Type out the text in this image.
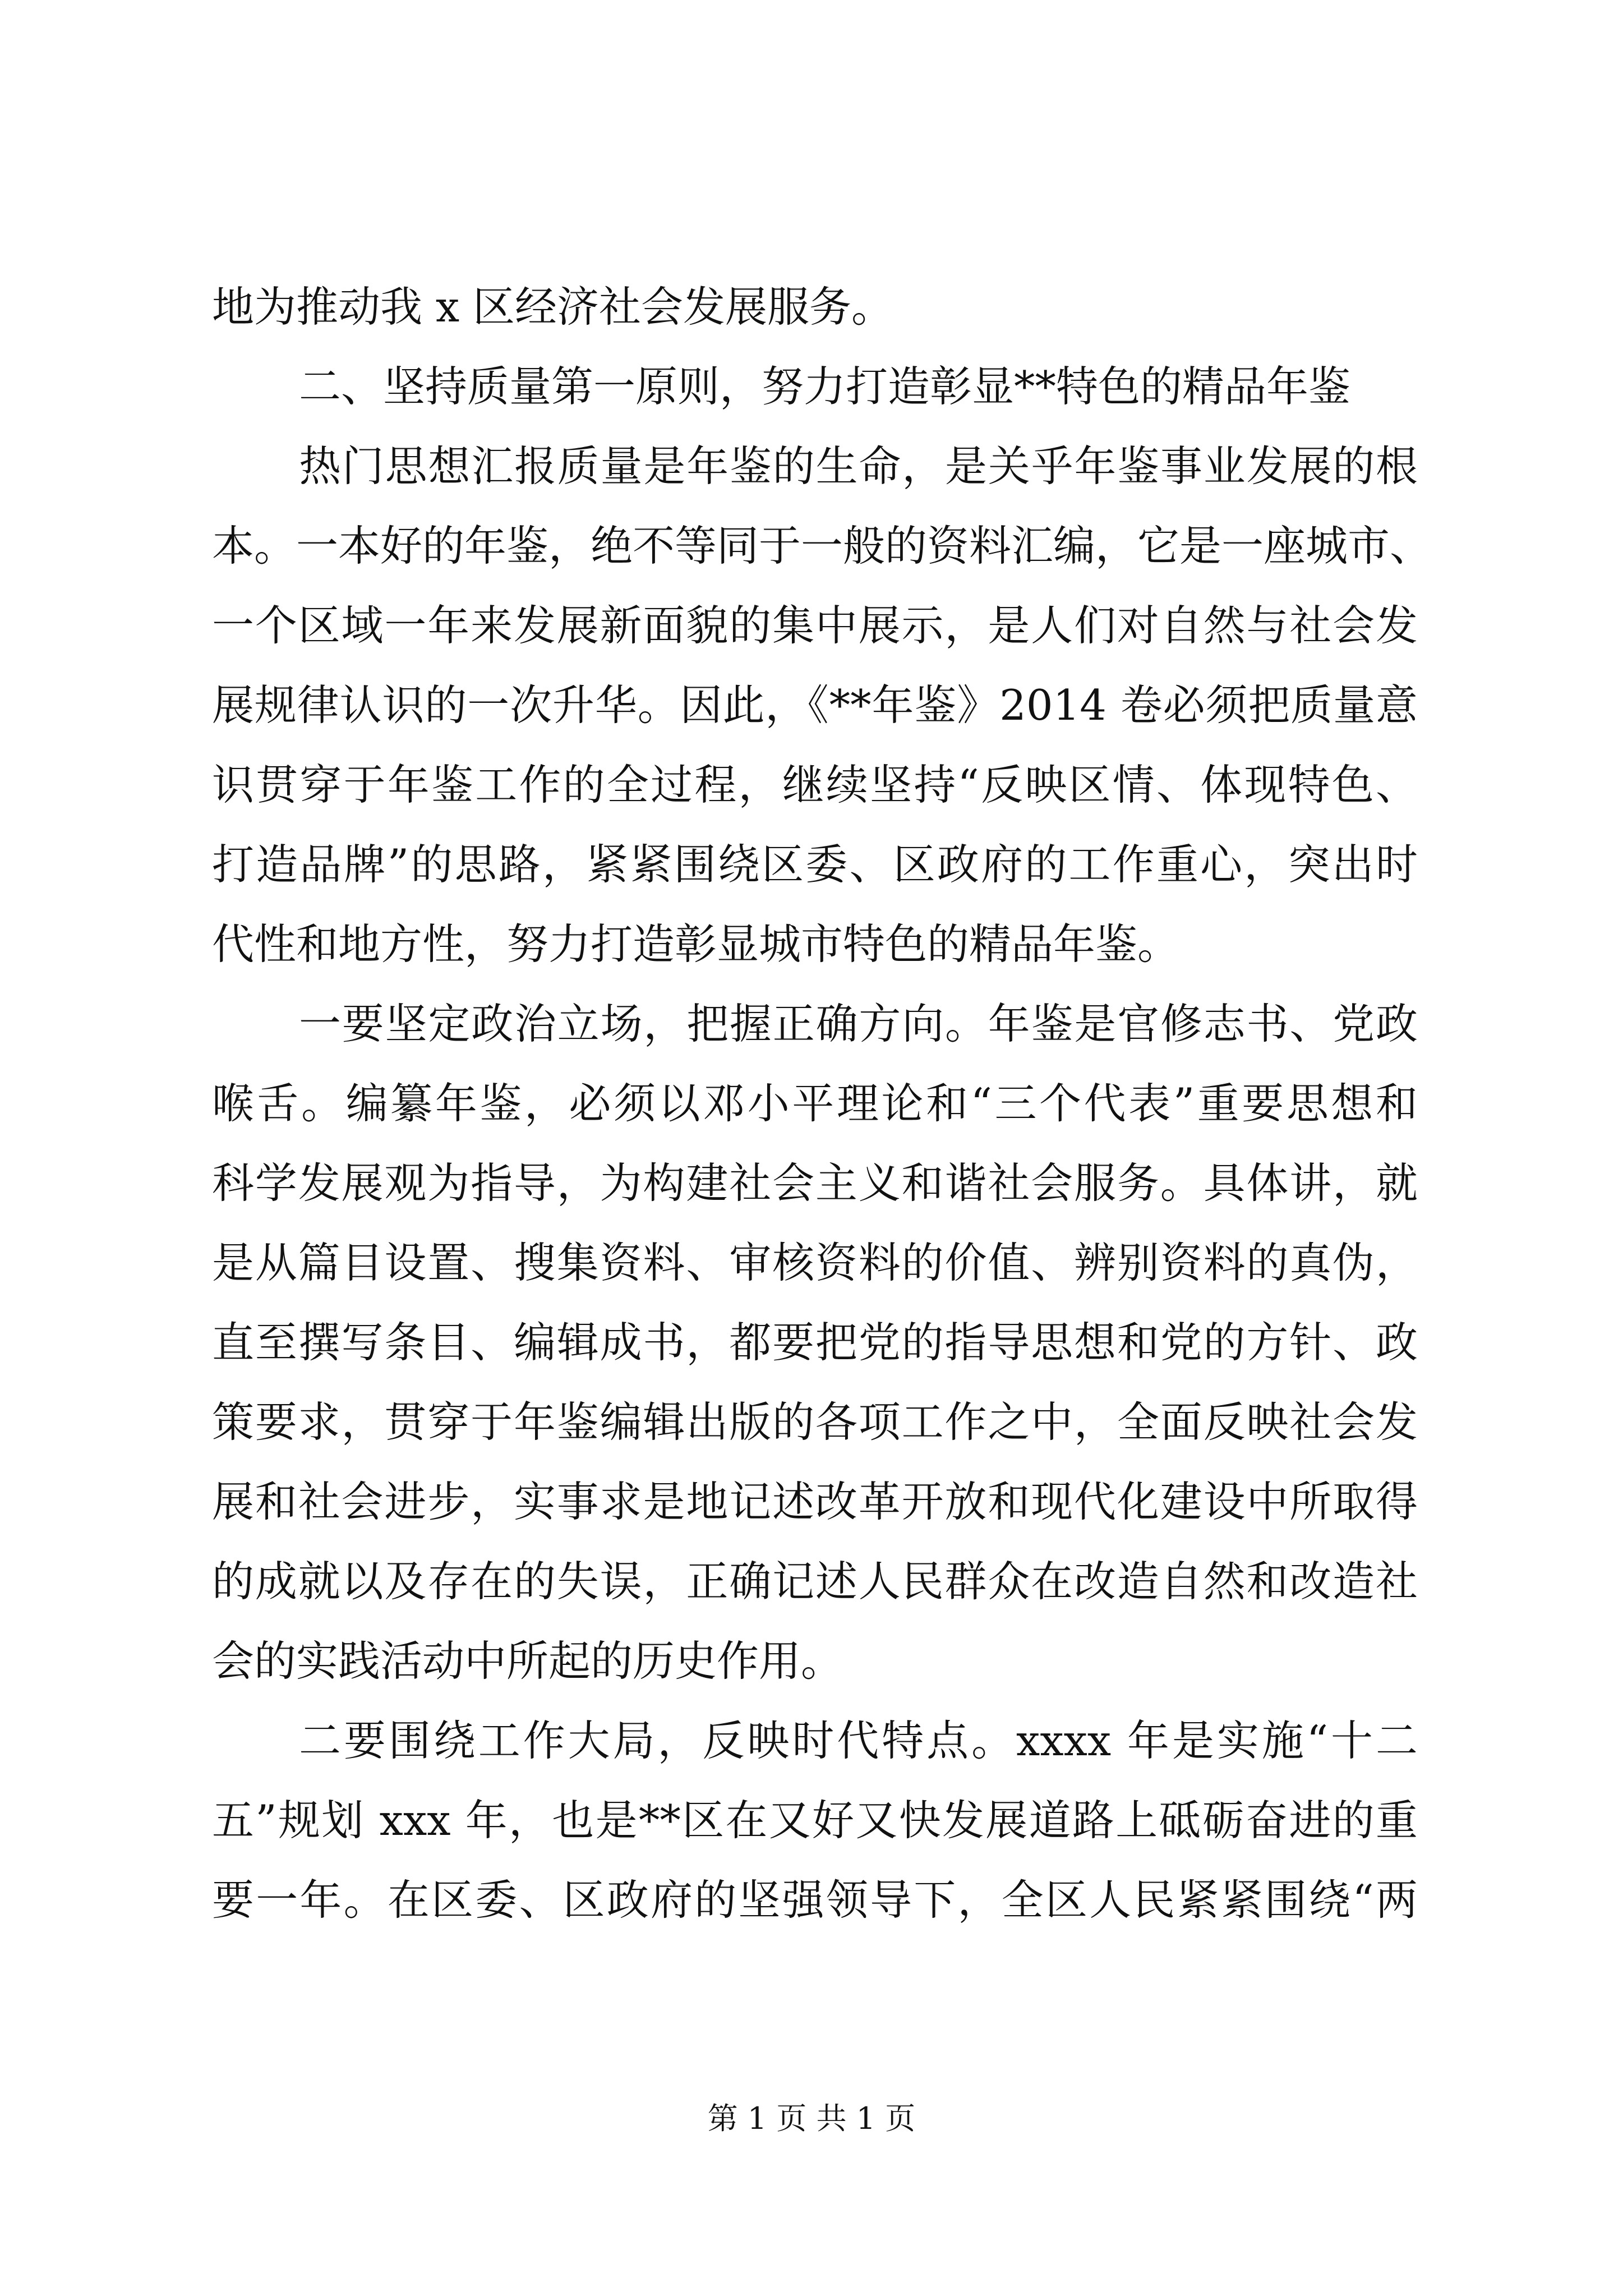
地为推动我 x 区经济社会发展服务。
二、坚持质量第一原则，努力打造彰显**特色的精品年鉴
热门思想汇报质量是年鉴的生命，是关乎年鉴事业发展的根
本。一本好的年鉴，绝不等同于一般的资料汇编，它是一座城市、
一个区域一年来发展新面貌的集中展示，是人们对自然与社会发
展规律认识的一次升华。因此，《**年鉴》2014 卷必须把质量意
识贯穿于年鉴工作的全过程，继续坚持“反映区情、体现特色、
打造品牌”的思路，紧紧围绕区委、区政府的工作重心，突出时
代性和地方性，努力打造彰显城市特色的精品年鉴。
一要坚定政治立场，把握正确方向。年鉴是官修志书、党政
喉舌。编纂年鉴，必须以邓小平理论和“三个代表”重要思想和
科学发展观为指导，为构建社会主义和谐社会服务。具体讲，就
是从篇目设置、搜集资料、审核资料的价值、辨别资料的真伪，
直至撰写条目、编辑成书，都要把党的指导思想和党的方针、政
策要求，贯穿于年鉴编辑出版的各项工作之中，全面反映社会发
展和社会进步，实事求是地记述改革开放和现代化建设中所取得
的成就以及存在的失误，正确记述人民群众在改造自然和改造社
会的实践活动中所起的历史作用。
二要围绕工作大局，反映时代特点。xxxx 年是实施“十二
五”规划 xxx 年，也是**区在又好又快发展道路上砥砺奋进的重
要一年。在区委、区政府的坚强领导下，全区人民紧紧围绕“两
第 1 页 共 1 页
